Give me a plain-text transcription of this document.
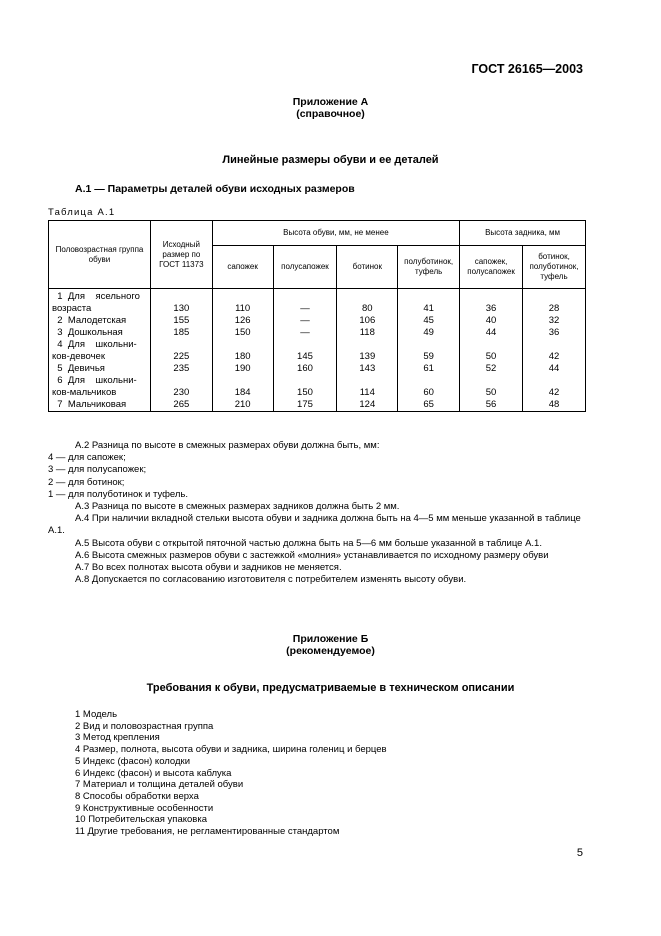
ГОСТ 26165—2003
Приложение А
(справочное)
Линейные размеры обуви и ее деталей
А.1 — Параметры деталей обуви исходных размеров
Таблица А.1
Половозрастная группа обуви	Исходный размер по ГОСТ 11373	Высота обуви, мм, не менее				Высота задника, мм	
		сапожек	полусапожек	ботинок	полуботинок, туфель	сапожек, полусапожек	ботинок, полуботинок, туфель
1  Для    ясельного
возраста	130	110	—	80	41	36	28
2  Малодетская	155	126	—	106	45	40	32
3  Дошкольная	185	150	—	118	49	44	36
4  Для    школьни-
ков-девочек	225	180	145	139	59	50	42
5  Девичья	235	190	160	143	61	52	44
6  Для    школьни-
ков-мальчиков	230	184	150	114	60	50	42
7  Мальчиковая	265	210	175	124	65	56	48
А.2 Разница по высоте в смежных размерах обуви должна быть, мм:
4 — для сапожек;
3 — для полусапожек;
2 — для ботинок;
1 — для полуботинок и туфель.
А.3 Разница по высоте в смежных размерах задников должна быть 2 мм.
А.4 При наличии вкладной стельки высота обуви и задника должна быть на 4—5 мм меньше указанной в таблице А.1.
А.5 Высота обуви с открытой пяточной частью должна быть на 5—6 мм больше указанной в таблице А.1.
А.6 Высота смежных размеров обуви с застежкой «молния» устанавливается по исходному размеру обуви
А.7 Во всех полнотах высота обуви и задников не меняется.
А.8 Допускается по согласованию изготовителя с потребителем изменять высоту обуви.
Приложение Б
(рекомендуемое)
Требования к обуви, предусматриваемые в техническом описании
1 Модель
2 Вид и половозрастная группа
3 Метод крепления
4 Размер, полнота, высота обуви и задника, ширина голениц и берцев
5 Индекс (фасон) колодки
6 Индекс (фасон) и высота каблука
7 Материал и толщина деталей обуви
8 Способы обработки верха
9 Конструктивные особенности
10 Потребительская упаковка
11 Другие требования, не регламентированные стандартом
5
